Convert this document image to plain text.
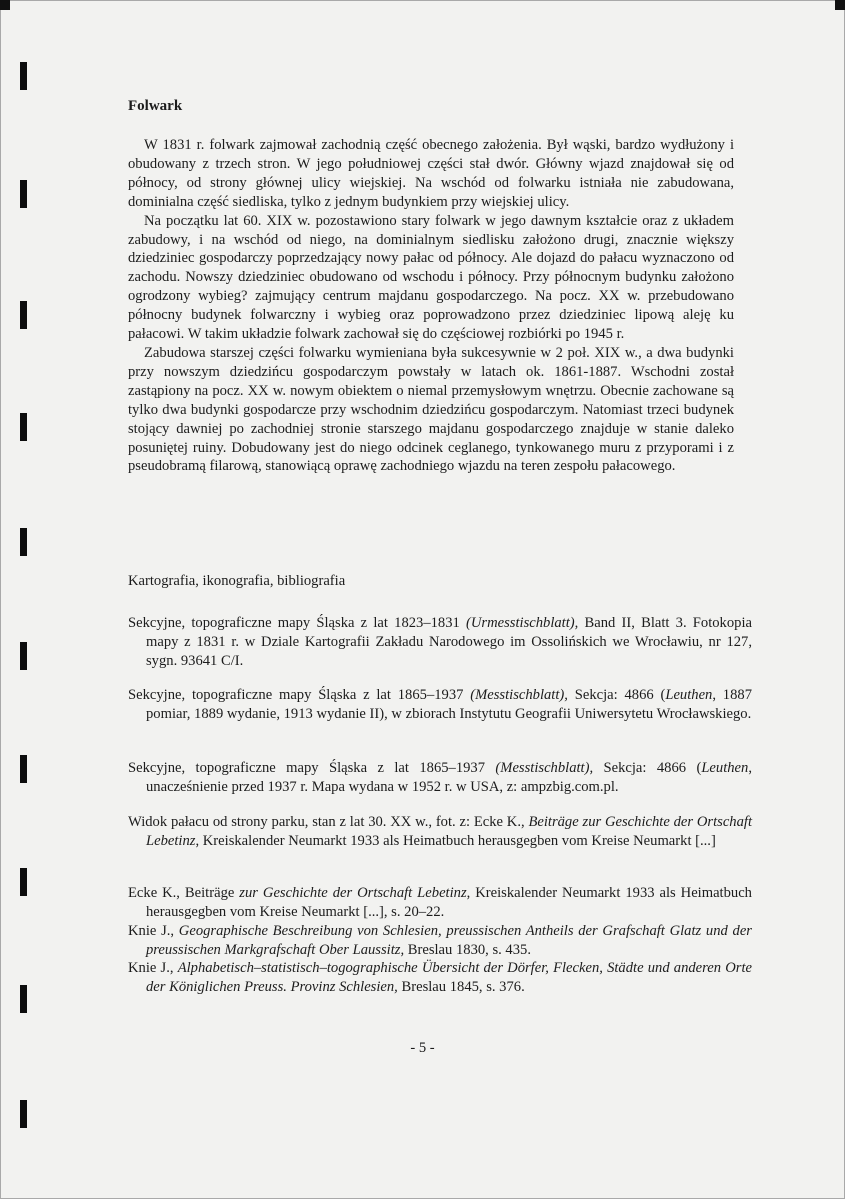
Folwark

W 1831 r. folwark zajmował zachodnią część obecnego założenia. Był wąski, bardzo wydłużony i obudowany z trzech stron. W jego południowej części stał dwór. Główny wjazd znajdował się od północy, od strony głównej ulicy wiejskiej. Na wschód od folwarku istniała nie zabudowana, dominialna część siedliska, tylko z jednym budynkiem przy wiejskiej ulicy.

Na początku lat 60. XIX w. pozostawiono stary folwark w jego dawnym kształcie oraz z układem zabudowy, i na wschód od niego, na dominialnym siedlisku założono drugi, znacznie większy dziedziniec gospodarczy poprzedzający nowy pałac od północy. Ale dojazd do pałacu wyznaczono od zachodu. Nowszy dziedziniec obudowano od wschodu i północy. Przy północnym budynku założono ogrodzony wybieg? zajmujący centrum majdanu gospodarczego. Na pocz. XX w. przebudowano północny budynek folwarczny i wybieg oraz poprowadzono przez dziedziniec lipową aleję ku pałacowi. W takim układzie folwark zachował się do częściowej rozbiórki po 1945 r.

Zabudowa starszej części folwarku wymieniana była sukcesywnie w 2 poł. XIX w., a dwa budynki przy nowszym dziedzińcu gospodarczym powstały w latach ok. 1861-1887. Wschodni został zastąpiony na pocz. XX w. nowym obiektem o niemal przemysłowym wnętrzu. Obecnie zachowane są tylko dwa budynki gospodarcze przy wschodnim dziedzińcu gospodarczym. Natomiast trzeci budynek stojący dawniej po zachodniej stronie starszego majdanu gospodarczego znajduje w stanie daleko posuniętej ruiny. Dobudowany jest do niego odcinek ceglanego, tynkowanego muru z przyporami i z pseudobramą filarową, stanowiącą oprawę zachodniego wjazdu na teren zespołu pałacowego.

Kartografia, ikonografia, bibliografia
Sekcyjne, topograficzne mapy Śląska z lat 1823–1831 (Urmesstischblatt), Band II, Blatt 3. Fotokopia mapy z 1831 r. w Dziale Kartografii Zakładu Narodowego im Ossolińskich we Wrocławiu, nr 127, sygn. 93641 C/I.
Sekcyjne, topograficzne mapy Śląska z lat 1865–1937 (Messtischblatt), Sekcja: 4866 (Leuthen, 1887 pomiar, 1889 wydanie, 1913 wydanie II), w zbiorach Instytutu Geografii Uniwersytetu Wrocławskiego.
Sekcyjne, topograficzne mapy Śląska z lat 1865–1937 (Messtischblatt), Sekcja: 4866 (Leuthen, unacześnienie przed 1937 r. Mapa wydana w 1952 r. w USA, z: ampzbig.com.pl.
Widok pałacu od strony parku, stan z lat 30. XX w., fot. z: Ecke K., Beiträge zur Geschichte der Ortschaft Lebetinz, Kreiskalender Neumarkt 1933 als Heimatbuch herausgegben vom Kreise Neumarkt [...]
Ecke K., Beiträge zur Geschichte der Ortschaft Lebetinz, Kreiskalender Neumarkt 1933 als Heimatbuch herausgegben vom Kreise Neumarkt [...], s. 20–22.
Knie J., Geographische Beschreibung von Schlesien, preussischen Antheils der Grafschaft Glatz und der preussischen Markgrafschaft Ober Laussitz, Breslau 1830, s. 435.
Knie J., Alphabetisch–statistisch–togographische Übersicht der Dörfer, Flecken, Städte und anderen Orte der Königlichen Preuss. Provinz Schlesien, Breslau 1845, s. 376.
- 5 -
